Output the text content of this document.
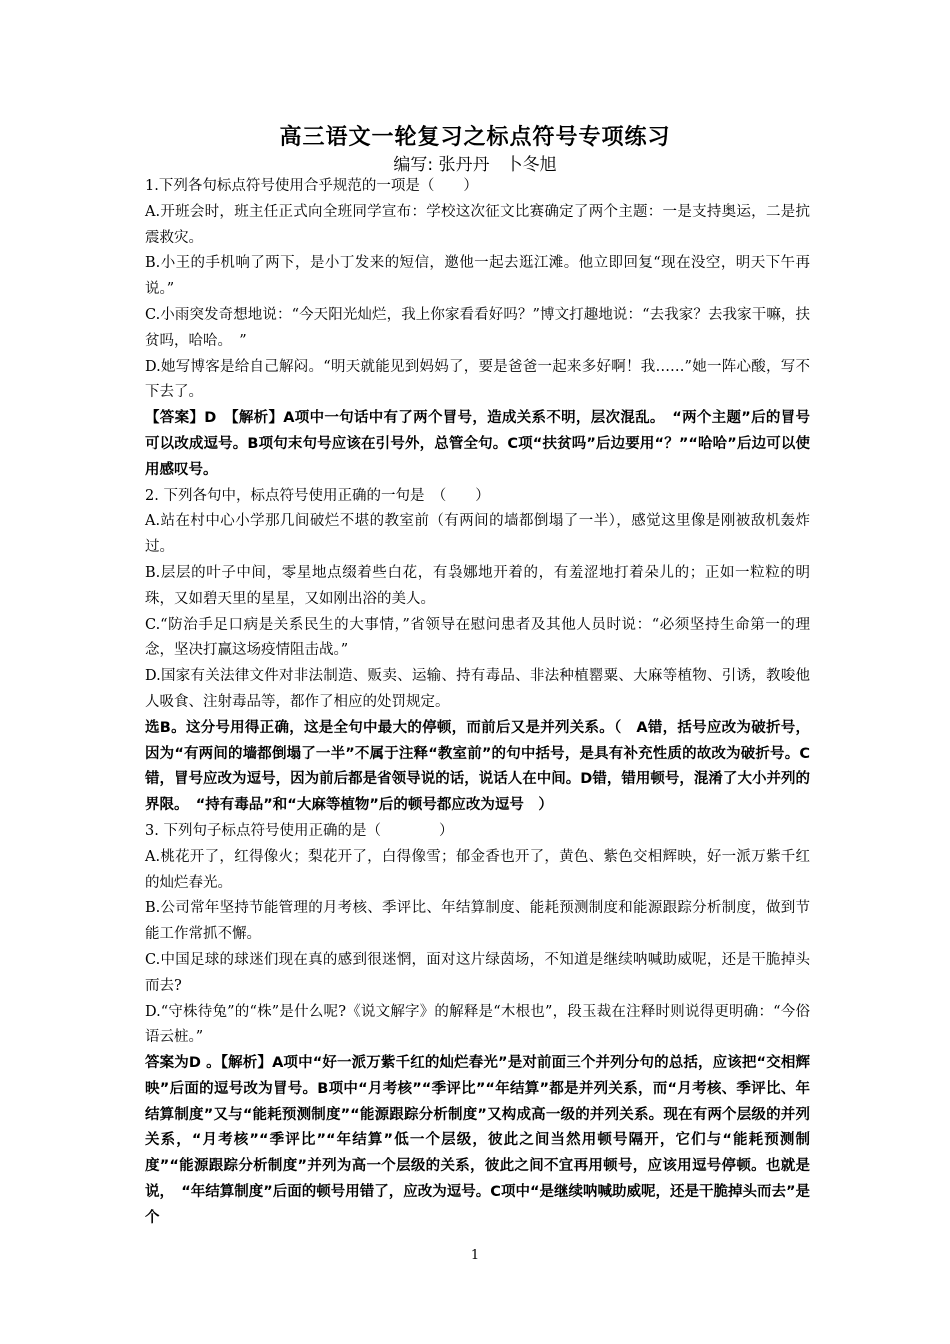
高三语文一轮复习之标点符号专项练习
编写: 张丹丹   卜冬旭

1.下列各句标点符号使用合乎规范的一项是（　　）

A.开班会时，班主任正式向全班同学宣布：学校这次征文比赛确定了两个主题：一是支持奥运，二是抗震救灾。

B.小王的手机响了两下，是小丁发来的短信，邀他一起去逛江滩。他立即回复“现在没空，明天下午再说。”

C.小雨突发奇想地说：“今天阳光灿烂，我上你家看看好吗？”博文打趣地说：“去我家？去我家干嘛，扶贫吗，哈哈。　”

D.她写博客是给自己解闷。“明天就能见到妈妈了，要是爸爸一起来多好啊！我……”她一阵心酸，写不下去了。

【答案】D　【解析】A项中一句话中有了两个冒号，造成关系不明，层次混乱。　“两个主题”后的冒号可以改成逗号。B项句末句号应该在引号外，总管全句。C项“扶贫吗”后边要用“？”“哈哈”后边可以使用感叹号。

2. 下列各句中，标点符号使用正确的一句是　（　　）

A.站在村中心小学那几间破烂不堪的教室前（有两间的墙都倒塌了一半），感觉这里像是刚被敌机轰炸过。

B.层层的叶子中间，零星地点缀着些白花，有袅娜地开着的，有羞涩地打着朵儿的；正如一粒粒的明珠，又如碧天里的星星，又如刚出浴的美人。

C.“防治手足口病是关系民生的大事情，”省领导在慰问患者及其他人员时说：“必须坚持生命第一的理念，坚决打赢这场疫情阻击战。”

D.国家有关法律文件对非法制造、贩卖、运输、持有毒品、非法种植罂粟、大麻等植物、引诱，教唆他人吸食、注射毒品等，都作了相应的处罚规定。

选B。这分号用得正确，这是全句中最大的停顿，而前后又是并列关系。（　A错，括号应改为破折号，因为“有两间的墙都倒塌了一半”不属于注释“教室前”的句中括号，是具有补充性质的故改为破折号。C错，冒号应改为逗号，因为前后都是省领导说的话，说话人在中间。D错，错用顿号，混淆了大小并列的界限。　“持有毒品”和“大麻等植物”后的顿号都应改为逗号　）

3. 下列句子标点符号使用正确的是（　　　　）

A.桃花开了，红得像火；梨花开了，白得像雪；郁金香也开了，黄色、紫色交相辉映，好一派万紫千红的灿烂春光。

B.公司常年坚持节能管理的月考核、季评比、年结算制度、能耗预测制度和能源跟踪分析制度，做到节能工作常抓不懈。

C.中国足球的球迷们现在真的感到很迷惘，面对这片绿茵场，不知道是继续呐喊助威呢，还是干脆掉头而去?

D.“守株待兔”的“株”是什么呢?《说文解字》的解释是“木根也”，段玉裁在注释时则说得更明确：“今俗语云桩。”

答案为D 。【解析】A项中“好一派万紫千红的灿烂春光”是对前面三个并列分句的总括，应该把“交相辉映”后面的逗号改为冒号。B项中“月考核”“季评比”“年结算”都是并列关系，而“月考核、季评比、年结算制度”又与“能耗预测制度”“能源跟踪分析制度”又构成高一级的并列关系。现在有两个层级的并列关系，“月考核”“季评比”“年结算”低一个层级，彼此之间当然用顿号隔开，它们与“能耗预测制度”“能源跟踪分析制度”并列为高一个层级的关系，彼此之间不宜再用顿号，应该用逗号停顿。也就是说，　“年结算制度”后面的顿号用错了，应改为逗号。C项中“是继续呐喊助威呢，还是干脆掉头而去”是个

1
